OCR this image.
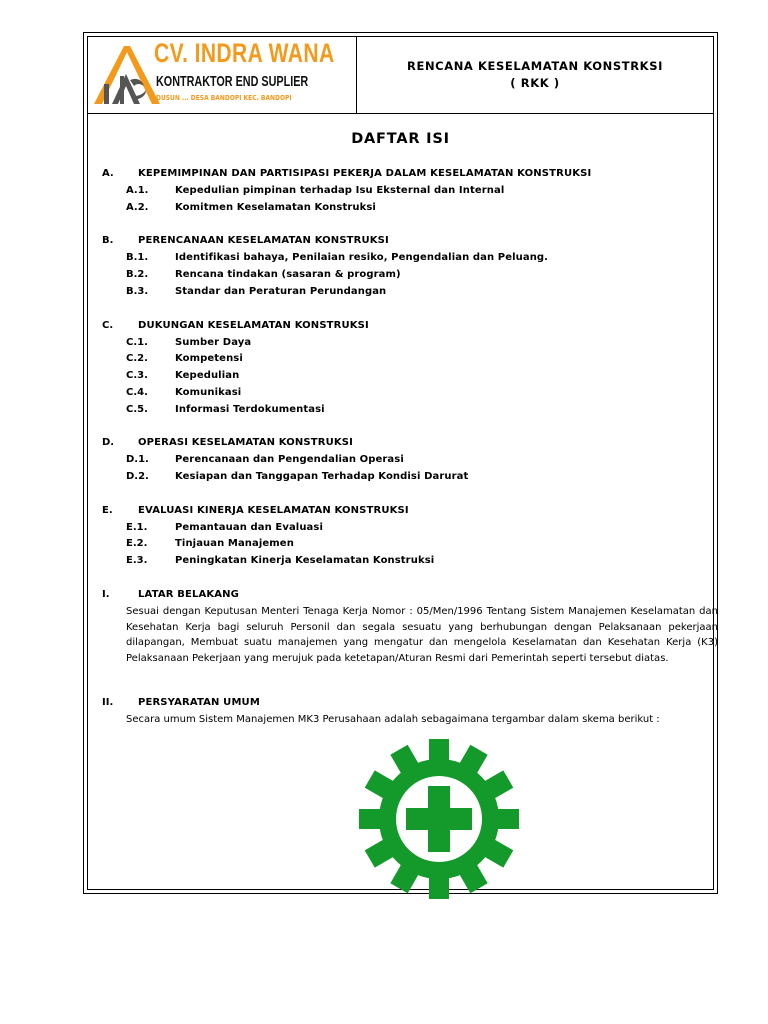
CV. INDRA WANA
KONTRAKTOR END SUPLIER
DUSUN ... DESA BANDOPI KEC. BANDOPI
RENCANA KESELAMATAN KONSTRKSI
( RKK )
DAFTAR ISI
A. KEPEMIMPINAN DAN PARTISIPASI PEKERJA DALAM KESELAMATAN KONSTRUKSI
A.1.	Kepedulian pimpinan terhadap Isu Eksternal dan Internal
A.2.	Komitmen Keselamatan Konstruksi
B. PERENCANAAN KESELAMATAN KONSTRUKSI
B.1.	Identifikasi bahaya, Penilaian resiko, Pengendalian dan Peluang.
B.2.	Rencana tindakan (sasaran & program)
B.3.	Standar dan Peraturan Perundangan
C. DUKUNGAN KESELAMATAN KONSTRUKSI
C.1.	Sumber Daya
C.2.	Kompetensi
C.3.	Kepedulian
C.4.	Komunikasi
C.5.	Informasi Terdokumentasi
D. OPERASI KESELAMATAN KONSTRUKSI
D.1.	Perencanaan dan Pengendalian Operasi
D.2.	Kesiapan dan Tanggapan Terhadap Kondisi Darurat
E.	EVALUASI KINERJA KESELAMATAN KONSTRUKSI
E.1.	Pemantauan dan Evaluasi
E.2.	Tinjauan Manajemen
E.3.	Peningkatan Kinerja Keselamatan Konstruksi
I.	LATAR BELAKANG
Sesuai dengan Keputusan Menteri Tenaga Kerja Nomor : 05/Men/1996 Tentang Sistem Manajemen Keselamatan dan Kesehatan Kerja bagi seluruh Personil dan segala sesuatu yang berhubungan dengan Pelaksanaan pekerjaan dilapangan, Membuat suatu manajemen yang mengatur dan mengelola Keselamatan dan Kesehatan Kerja (K3) Pelaksanaan Pekerjaan yang merujuk pada ketetapan/Aturan Resmi dari Pemerintah seperti tersebut diatas.
II. PERSYARATAN UMUM
Secara umum Sistem Manajemen MK3 Perusahaan adalah sebagaimana tergambar dalam skema berikut :
